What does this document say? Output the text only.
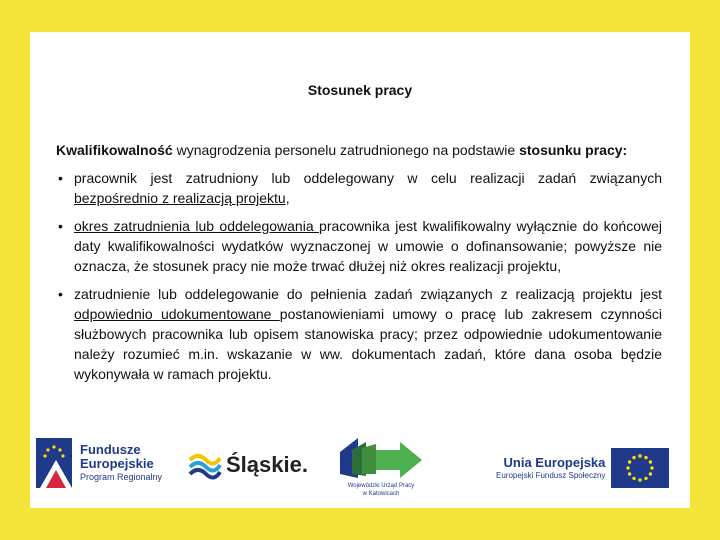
Stosunek pracy

Kwalifikowalność wynagrodzenia personelu zatrudnionego na podstawie stosunku pracy:

• pracownik jest zatrudniony lub oddelegowany w celu realizacji zadań związanych bezpośrednio z realizacją projektu,
• okres zatrudnienia lub oddelegowania pracownika jest kwalifikowalny wyłącznie do końcowej daty kwalifikowalności wydatków wyznaczonej w umowie o dofinansowanie; powyższe nie oznacza, że stosunek pracy nie może trwać dłużej niż okres realizacji projektu,
• zatrudnienie lub oddelegowanie do pełnienia zadań związanych z realizacją projektu jest odpowiednio udokumentowane postanowieniami umowy o pracę lub zakresem czynności służbowych pracownika lub opisem stanowiska pracy; przez odpowiednie udokumentowanie należy rozumieć m.in. wskazanie w ww. dokumentach zadań, które dana osoba będzie wykonywała w ramach projektu.
Fundusze
Europejskie
Program Regionalny	Śląskie.
Wojewódzki Urząd Pracy
w Katowicach
Unia Europejska
Europejski Fundusz Społeczny
